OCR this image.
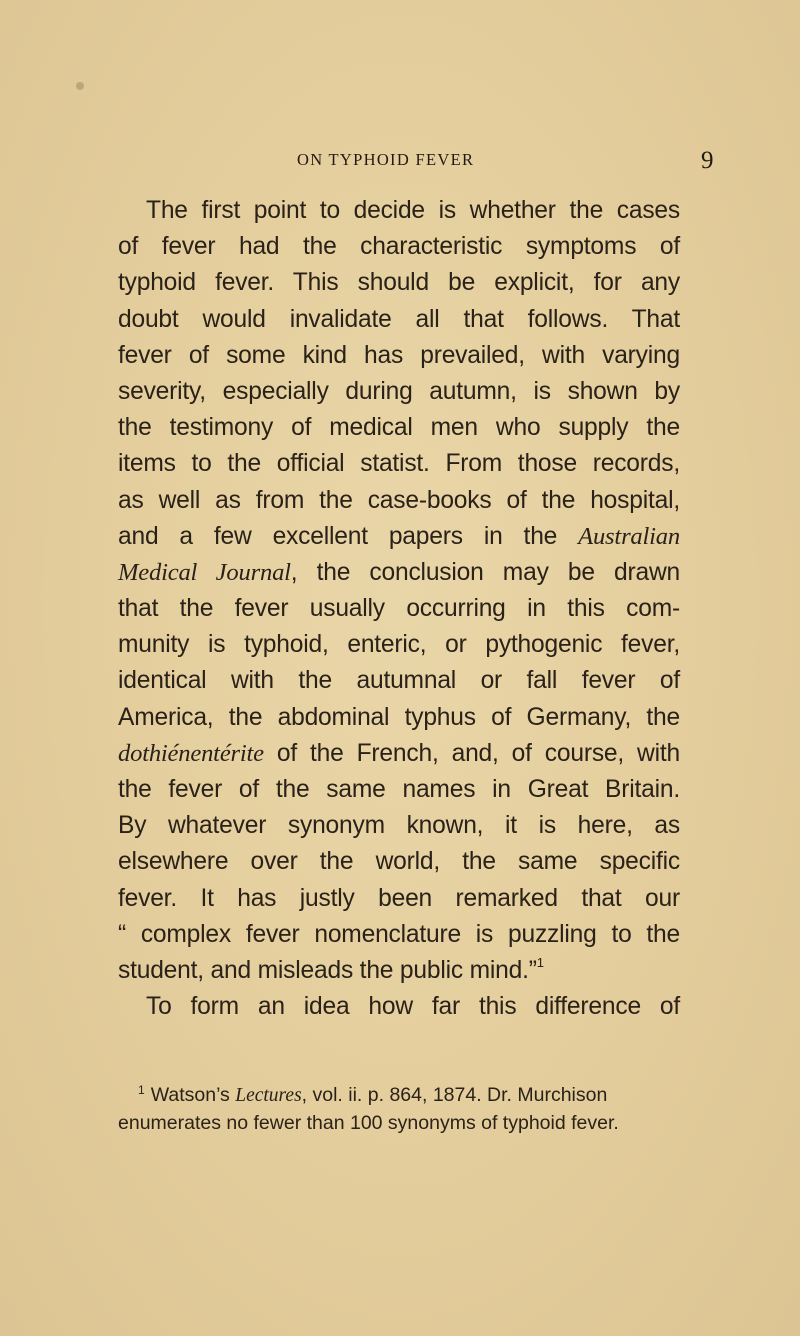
ON TYPHOID FEVER	9
The first point to decide is whether the cases
of fever had the characteristic symptoms of
typhoid fever. This should be explicit, for any
doubt would invalidate all that follows. That
fever of some kind has prevailed, with varying
severity, especially during autumn, is shown by
the testimony of medical men who supply the
items to the official statist. From those records,
as well as from the case-books of the hospital,
and a few excellent papers in the Australian
Medical Journal, the conclusion may be drawn
that the fever usually occurring in this com-
munity is typhoid, enteric, or pythogenic fever,
identical with the autumnal or fall fever of
America, the abdominal typhus of Germany, the
dothiénentérite of the French, and, of course, with
the fever of the same names in Great Britain.
By whatever synonym known, it is here, as
elsewhere over the world, the same specific
fever. It has justly been remarked that our
“ complex fever nomenclature is puzzling to the
student, and misleads the public mind.”$^1$
To form an idea how far this difference of
$^1$ Watson’s Lectures, vol. ii. p. 864, 1874. Dr. Murchison
enumerates no fewer than 100 synonyms of typhoid fever.
